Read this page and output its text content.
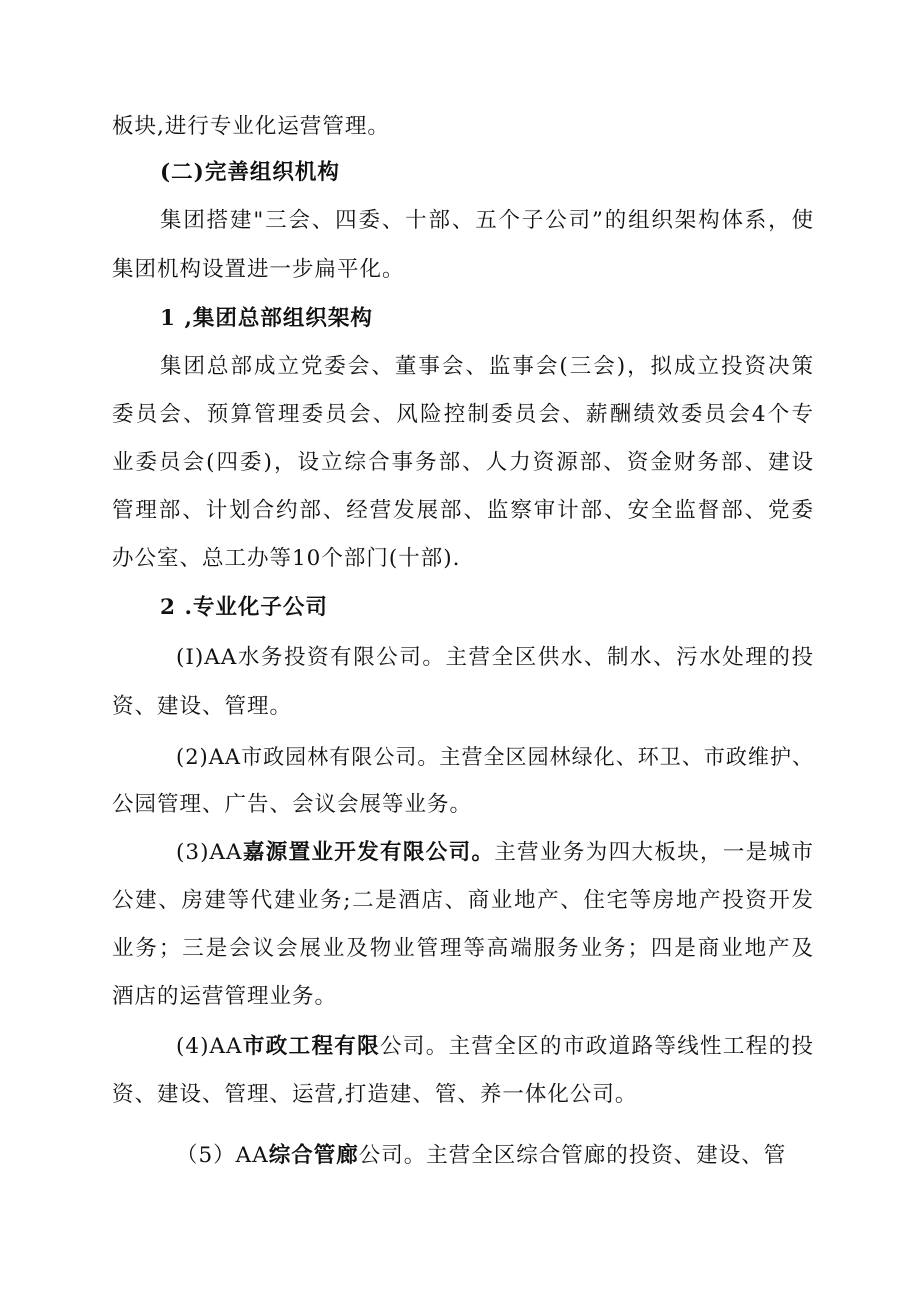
板块,进行专业化运营管理。
(二)完善组织机构
集团搭建"三会、四委、十部、五个子公司”的组织架构体系，使
集团机构设置进一步扁平化。
1 ,集团总部组织架构
集团总部成立党委会、董事会、监事会(三会)，拟成立投资决策
委员会、预算管理委员会、风险控制委员会、薪酬绩效委员会4个专
业委员会(四委)，设立综合事务部、人力资源部、资金财务部、建设
管理部、计划合约部、经营发展部、监察审计部、安全监督部、党委
办公室、总工办等10个部门(十部).
2 .专业化子公司
(I)AA水务投资有限公司。主营全区供水、制水、污水处理的投
资、建设、管理。
(2)AA市政园林有限公司。主营全区园林绿化、环卫、市政维护、
公园管理、广告、会议会展等业务。
(3)AA嘉源置业开发有限公司。主营业务为四大板块，一是城市
公建、房建等代建业务;二是酒店、商业地产、住宅等房地产投资开发
业务；三是会议会展业及物业管理等高端服务业务；四是商业地产及
酒店的运营管理业务。
(4)AA市政工程有限公司。主营全区的市政道路等线性工程的投
资、建设、管理、运营,打造建、管、养一体化公司。
（5）AA综合管廊公司。主营全区综合管廊的投资、建设、管
